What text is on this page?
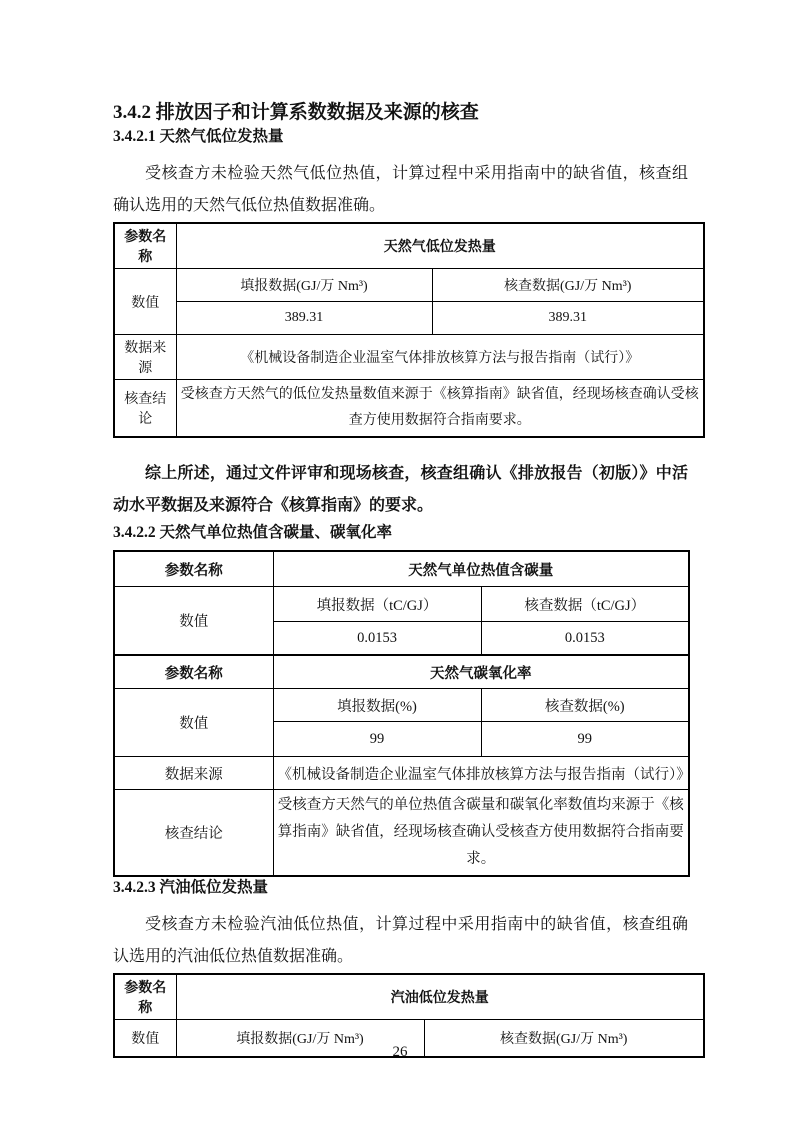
3.4.2 排放因子和计算系数数据及来源的核查
3.4.2.1 天然气低位发热量

受核查方未检验天然气低位热值，计算过程中采用指南中的缺省值，核查组确认选用的天然气低位热值数据准确。

参数名称	天然气低位发热量	
数值	填报数据(GJ/万 Nm³)	核查数据(GJ/万 Nm³)
	389.31	389.31
数据来源	《机械设备制造企业温室气体排放核算方法与报告指南（试行）》	
核查结论	受核查方天然气的低位发热量数值来源于《核算指南》缺省值，经现场核查确认受核查方使用数据符合指南要求。	

综上所述，通过文件评审和现场核查，核查组确认《排放报告（初版）》中活动水平数据及来源符合《核算指南》的要求。

3.4.2.2 天然气单位热值含碳量、碳氧化率
参数名称	天然气单位热值含碳量	
数值	填报数据（tC/GJ）	核查数据（tC/GJ）
	0.0153	0.0153
参数名称	天然气碳氧化率	
数值	填报数据(%)	核查数据(%)
	99	99
数据来源	《机械设备制造企业温室气体排放核算方法与报告指南（试行）》	
核查结论	受核查方天然气的单位热值含碳量和碳氧化率数值均来源于《核算指南》缺省值，经现场核查确认受核查方使用数据符合指南要求。	
3.4.2.3 汽油低位发热量

受核查方未检验汽油低位热值，计算过程中采用指南中的缺省值，核查组确认选用的汽油低位热值数据准确。

参数名称	汽油低位发热量	
数值	填报数据(GJ/万 Nm³)	核查数据(GJ/万 Nm³)
26
